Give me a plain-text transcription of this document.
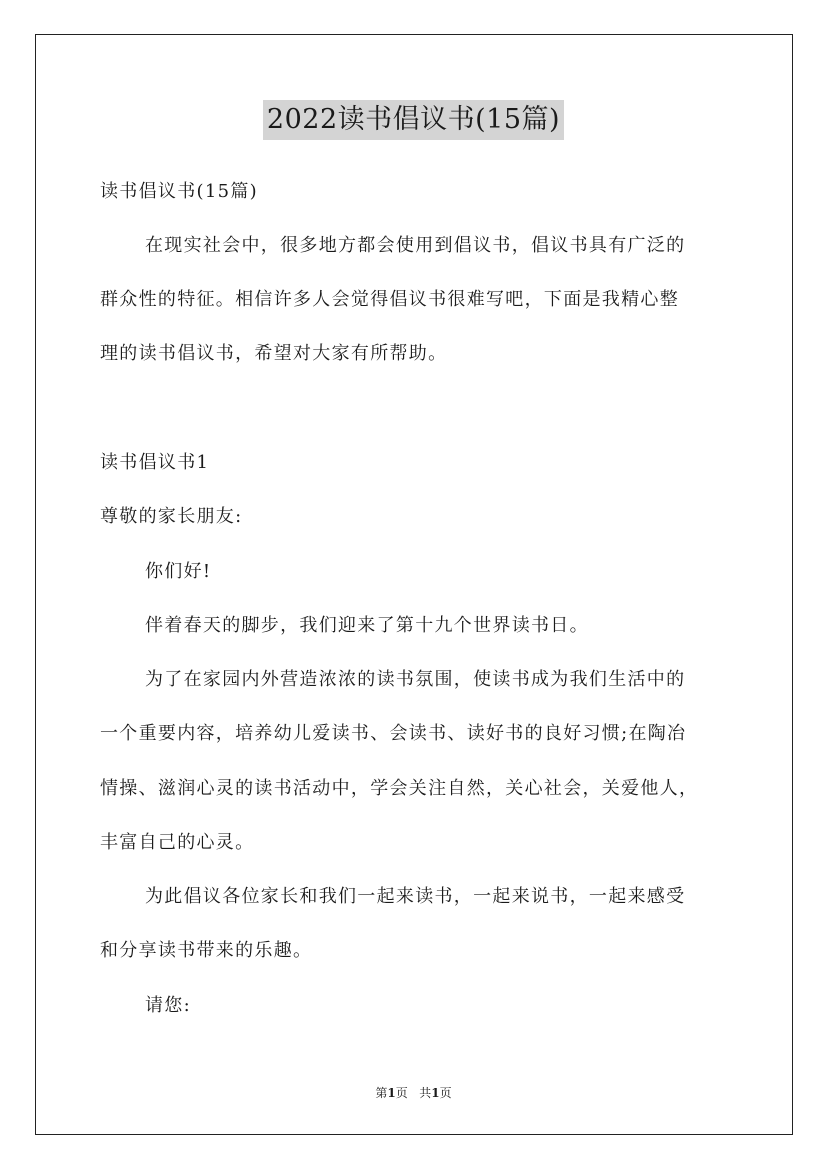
2022读书倡议书(15篇)
读书倡议书(15篇)
在现实社会中，很多地方都会使用到倡议书，倡议书具有广泛的
群众性的特征。相信许多人会觉得倡议书很难写吧，下面是我精心整
理的读书倡议书，希望对大家有所帮助。
读书倡议书1
尊敬的家长朋友:
你们好!
伴着春天的脚步，我们迎来了第十九个世界读书日。
为了在家园内外营造浓浓的读书氛围，使读书成为我们生活中的
一个重要内容，培养幼儿爱读书、会读书、读好书的良好习惯;在陶冶
情操、滋润心灵的读书活动中，学会关注自然，关心社会，关爱他人，
丰富自己的心灵。
为此倡议各位家长和我们一起来读书，一起来说书，一起来感受
和分享读书带来的乐趣。
请您:
第1页 共1页
